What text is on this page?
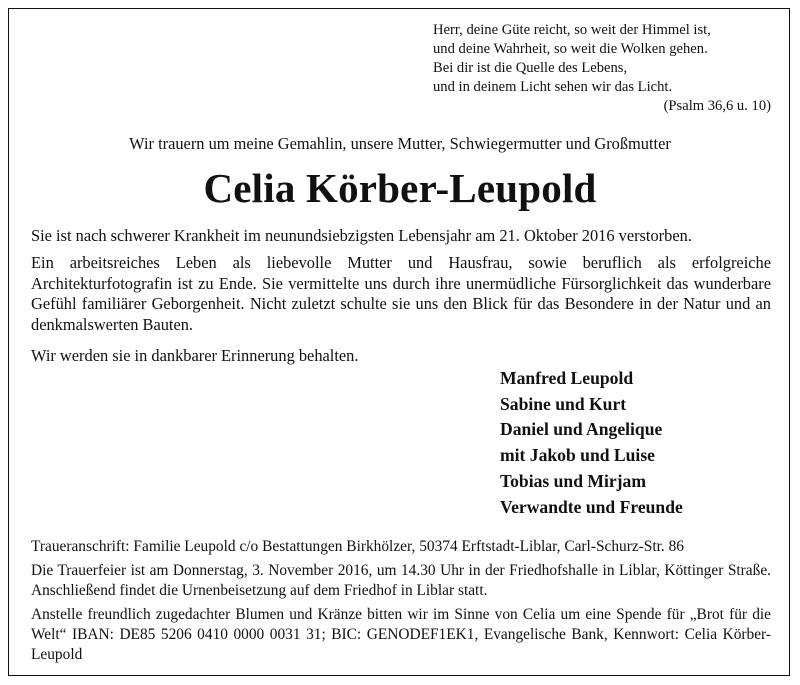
Herr, deine Güte reicht, so weit der Himmel ist,
und deine Wahrheit, so weit die Wolken gehen.
Bei dir ist die Quelle des Lebens,
und in deinem Licht sehen wir das Licht.
(Psalm 36,6 u. 10)
Wir trauern um meine Gemahlin, unsere Mutter, Schwiegermutter und Großmutter
Celia Körber-Leupold
Sie ist nach schwerer Krankheit im neunundsiebzigsten Lebensjahr am 21. Oktober 2016 verstorben.
Ein arbeitsreiches Leben als liebevolle Mutter und Hausfrau, sowie beruflich als erfolgreiche Architekturfotografin ist zu Ende. Sie vermittelte uns durch ihre unermüdliche Fürsorglichkeit das wunderbare Gefühl familiärer Geborgenheit. Nicht zuletzt schulte sie uns den Blick für das Besondere in der Natur und an denkmalswerten Bauten.
Wir werden sie in dankbarer Erinnerung behalten.
Manfred Leupold
Sabine und Kurt
Daniel und Angelique
mit Jakob und Luise
Tobias und Mirjam
Verwandte und Freunde
Traueranschrift: Familie Leupold c/o Bestattungen Birkhölzer, 50374 Erftstadt-Liblar, Carl-Schurz-Str. 86
Die Trauerfeier ist am Donnerstag, 3. November 2016, um 14.30 Uhr in der Friedhofshalle in Liblar, Köttinger Straße. Anschließend findet die Urnenbeisetzung auf dem Friedhof in Liblar statt.
Anstelle freundlich zugedachter Blumen und Kränze bitten wir im Sinne von Celia um eine Spende für „Brot für die Welt“ IBAN: DE85 5206 0410 0000 0031 31; BIC: GENODEF1EK1, Evangelische Bank, Kennwort: Celia Körber-Leupold
